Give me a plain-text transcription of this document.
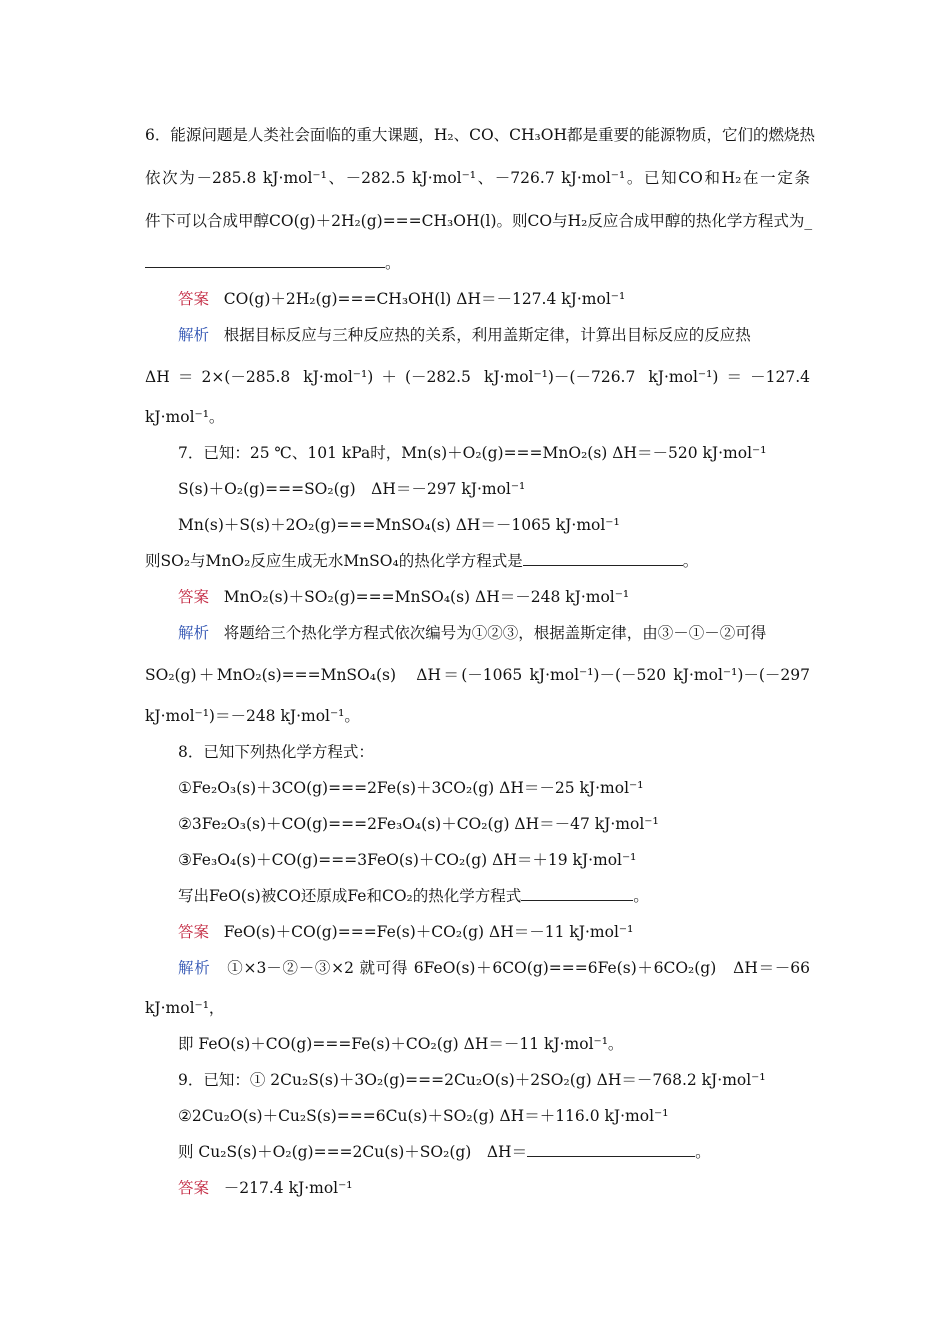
6．能源问题是人类社会面临的重大课题，H₂、CO、CH₃OH都是重要的能源物质，它们的燃烧热
依次为－285.8 kJ·mol⁻¹、－282.5 kJ·mol⁻¹、－726.7 kJ·mol⁻¹。已知CO和H₂在一定条
件下可以合成甲醇CO(g)＋2H₂(g)===CH₃OH(l)。则CO与H₂反应合成甲醇的热化学方程式为_
。
答案 CO(g)＋2H₂(g)===CH₃OH(l) ΔH＝－127.4 kJ·mol⁻¹
解析 根据目标反应与三种反应热的关系，利用盖斯定律，计算出目标反应的反应热
ΔH＝2×(－285.8 kJ·mol⁻¹)＋(－282.5 kJ·mol⁻¹)－(－726.7 kJ·mol⁻¹)＝－127.4
kJ·mol⁻¹。
7．已知：25 ℃、101 kPa时，Mn(s)＋O₂(g)===MnO₂(s) ΔH＝－520 kJ·mol⁻¹
S(s)＋O₂(g)===SO₂(g)　ΔH＝－297 kJ·mol⁻¹
Mn(s)＋S(s)＋2O₂(g)===MnSO₄(s) ΔH＝－1065 kJ·mol⁻¹
则SO₂与MnO₂反应生成无水MnSO₄的热化学方程式是	。
答案 MnO₂(s)＋SO₂(g)===MnSO₄(s) ΔH＝－248 kJ·mol⁻¹
解析 将题给三个热化学方程式依次编号为①②③，根据盖斯定律，由③－①－②可得
SO₂(g)＋MnO₂(s)===MnSO₄(s)　ΔH＝(－1065 kJ·mol⁻¹)－(－520 kJ·mol⁻¹)－(－297
kJ·mol⁻¹)＝－248 kJ·mol⁻¹。
8．已知下列热化学方程式：
①Fe₂O₃(s)＋3CO(g)===2Fe(s)＋3CO₂(g) ΔH＝－25 kJ·mol⁻¹
②3Fe₂O₃(s)＋CO(g)===2Fe₃O₄(s)＋CO₂(g) ΔH＝－47 kJ·mol⁻¹
③Fe₃O₄(s)＋CO(g)===3FeO(s)＋CO₂(g) ΔH＝＋19 kJ·mol⁻¹
写出FeO(s)被CO还原成Fe和CO₂的热化学方程式	。
答案 FeO(s)＋CO(g)===Fe(s)＋CO₂(g) ΔH＝－11 kJ·mol⁻¹
解析 ①×3－②－③×2 就可得 6FeO(s)＋6CO(g)===6Fe(s)＋6CO₂(g)　ΔH＝－66
kJ·mol⁻¹，
即 FeO(s)＋CO(g)===Fe(s)＋CO₂(g) ΔH＝－11 kJ·mol⁻¹。
9．已知：① 2Cu₂S(s)＋3O₂(g)===2Cu₂O(s)＋2SO₂(g) ΔH＝－768.2 kJ·mol⁻¹
②2Cu₂O(s)＋Cu₂S(s)===6Cu(s)＋SO₂(g) ΔH＝＋116.0 kJ·mol⁻¹
则 Cu₂S(s)＋O₂(g)===2Cu(s)＋SO₂(g)　ΔH＝	。
答案 －217.4 kJ·mol⁻¹
